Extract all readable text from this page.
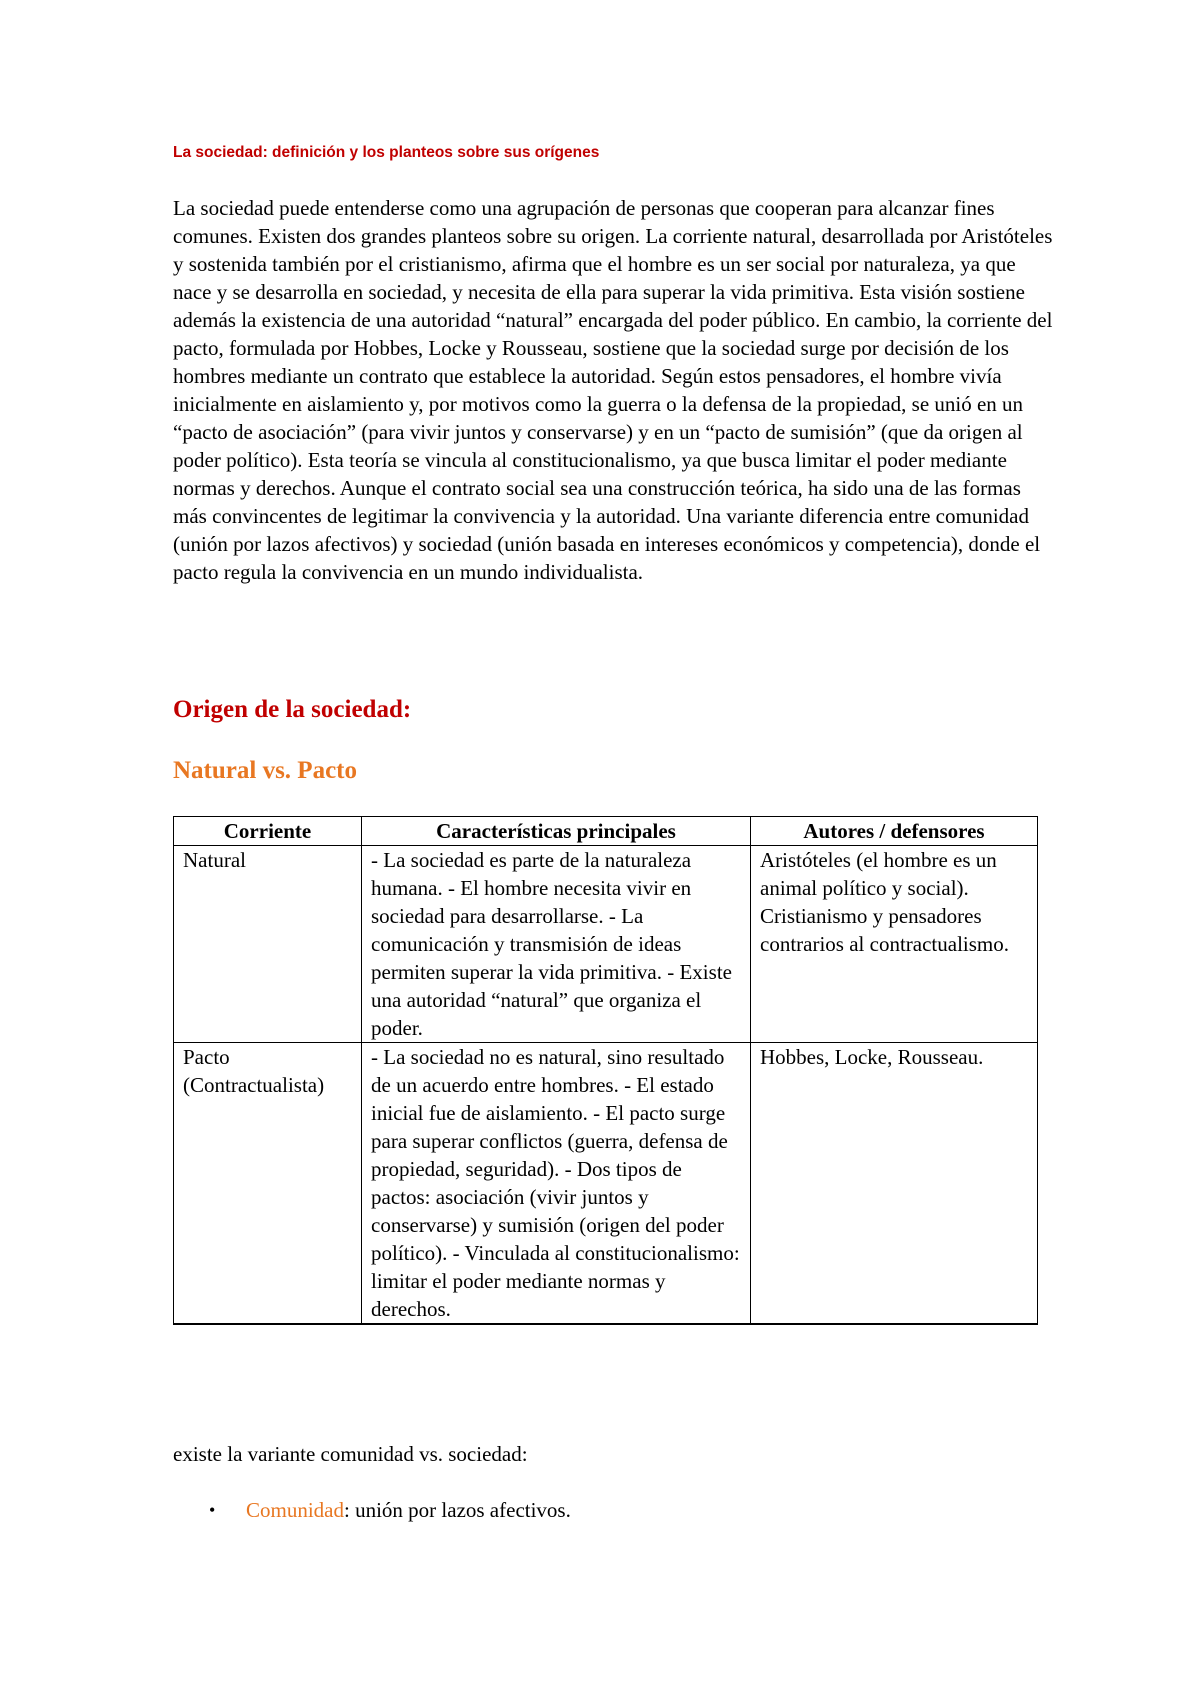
La sociedad: definición y los planteos sobre sus orígenes

La sociedad puede entenderse como una agrupación de personas que cooperan para alcanzar fines comunes. Existen dos grandes planteos sobre su origen. La corriente natural, desarrollada por Aristóteles y sostenida también por el cristianismo, afirma que el hombre es un ser social por naturaleza, ya que nace y se desarrolla en sociedad, y necesita de ella para superar la vida primitiva. Esta visión sostiene además la existencia de una autoridad “natural” encargada del poder público. En cambio, la corriente del pacto, formulada por Hobbes, Locke y Rousseau, sostiene que la sociedad surge por decisión de los hombres mediante un contrato que establece la autoridad. Según estos pensadores, el hombre vivía inicialmente en aislamiento y, por motivos como la guerra o la defensa de la propiedad, se unió en un “pacto de asociación” (para vivir juntos y conservarse) y en un “pacto de sumisión” (que da origen al poder político). Esta teoría se vincula al constitucionalismo, ya que busca limitar el poder mediante normas y derechos. Aunque el contrato social sea una construcción teórica, ha sido una de las formas más convincentes de legitimar la convivencia y la autoridad. Una variante diferencia entre comunidad (unión por lazos afectivos) y sociedad (unión basada en intereses económicos y competencia), donde el pacto regula la convivencia en un mundo individualista.

Origen de la sociedad:
Natural vs. Pacto
Corriente	Características principales	Autores / defensores
Natural	- La sociedad es parte de la naturaleza humana. - El hombre necesita vivir en sociedad para desarrollarse. - La comunicación y transmisión de ideas permiten superar la vida primitiva. - Existe una autoridad “natural” que organiza el poder.	Aristóteles (el hombre es un animal político y social). Cristianismo y pensadores contrarios al contractualismo.
Pacto (Contractualista)	- La sociedad no es natural, sino resultado de un acuerdo entre hombres. - El estado inicial fue de aislamiento. - El pacto surge para superar conflictos (guerra, defensa de propiedad, seguridad). - Dos tipos de pactos: asociación (vivir juntos y conservarse) y sumisión (origen del poder político). - Vinculada al constitucionalismo: limitar el poder mediante normas y derechos.	Hobbes, Locke, Rousseau.

existe la variante comunidad vs. sociedad:

• Comunidad: unión por lazos afectivos.
